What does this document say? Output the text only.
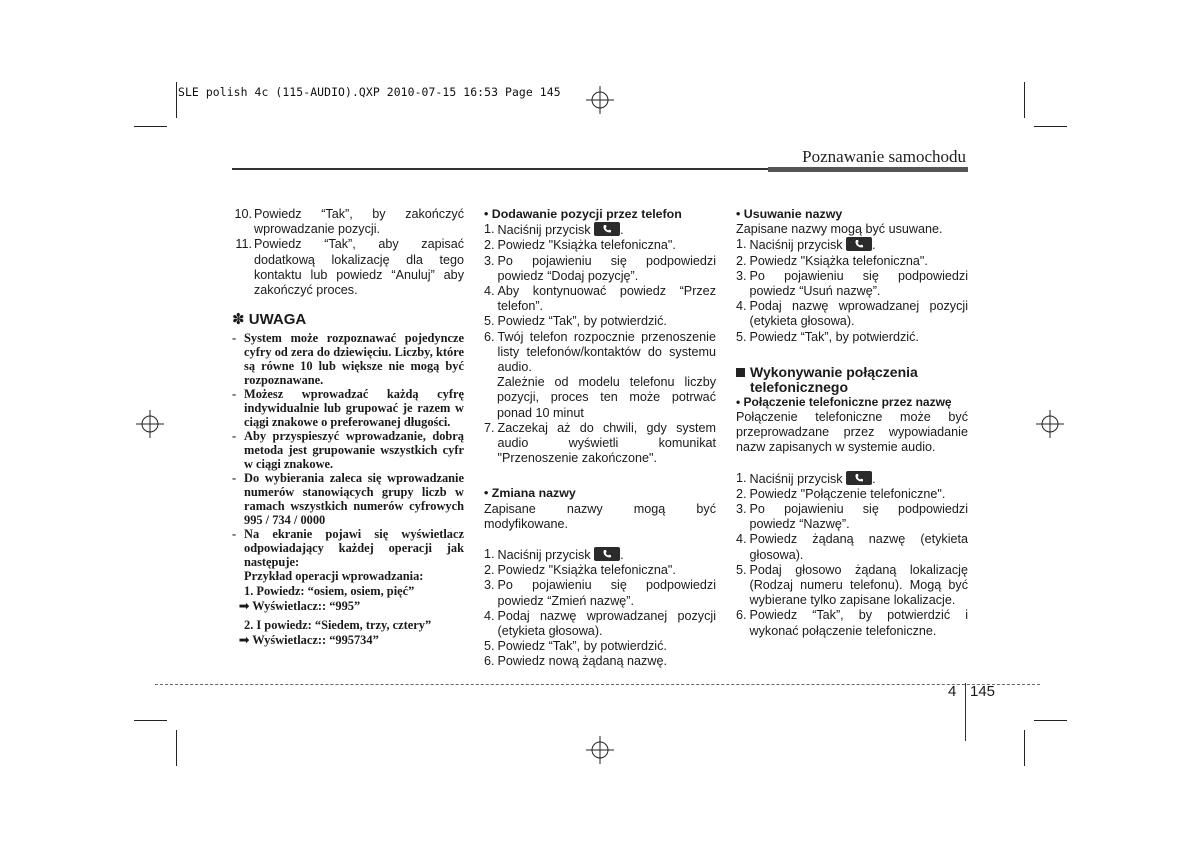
SLE polish 4c (115-AUDIO).QXP 2010-07-15 16:53 Page 145
Poznawanie samochodu
10. Powiedz “Tak”, by zakończyć wprowadzanie pozycji.
11. Powiedz “Tak”, aby zapisać dodatkową lokalizację dla tego kontaktu lub powiedz “Anuluj” aby zakończyć proces.
✽ UWAGA
- System może rozpoznawać pojedyncze cyfry od zera do dziewięciu. Liczby, które są równe 10 lub większe nie mogą być rozpoznawane.
- Możesz wprowadzać każdą cyfrę indywidualnie lub grupować je razem w ciągi znakowe o preferowanej długości.
- Aby przyspieszyć wprowadzanie, dobrą metoda jest grupowanie wszystkich cyfr w ciągi znakowe.
- Do wybierania zaleca się wprowadzanie numerów stanowiących grupy liczb w ramach wszystkich numerów cyfrowych 995 / 734 / 0000
- Na ekranie pojawi się wyświetlacz odpowiadający każdej operacji jak następuje:
Przykład operacji wprowadzania:
1. Powiedz: “osiem, osiem, pięć”
➟ Wyświetlacz:: “995”
2. I powiedz: “Siedem, trzy, cztery”
➟ Wyświetlacz:: “995734”
• Dodawanie pozycji przez telefon
1. Naciśnij przycisk .
2. Powiedz "Książka telefoniczna".
3. Po pojawieniu się podpowiedzi powiedz “Dodaj pozycję”.
4. Aby kontynuować powiedz “Przez telefon”.
5. Powiedz “Tak”, by potwierdzić.
6. Twój telefon rozpocznie przenoszenie listy telefonów/kontaktów do systemu audio.
Zależnie od modelu telefonu liczby pozycji, proces ten może potrwać ponad 10 minut
7. Zaczekaj aż do chwili, gdy system audio wyświetli komunikat "Przenoszenie zakończone".
• Zmiana nazwy
Zapisane nazwy mogą być modyfikowane.
1. Naciśnij przycisk .
2. Powiedz "Książka telefoniczna".
3. Po pojawieniu się podpowiedzi powiedz “Zmień nazwę”.
4. Podaj nazwę wprowadzanej pozycji (etykieta głosowa).
5. Powiedz “Tak”, by potwierdzić.
6. Powiedz nową żądaną nazwę.
• Usuwanie nazwy
Zapisane nazwy mogą być usuwane.
1. Naciśnij przycisk .
2. Powiedz "Książka telefoniczna".
3. Po pojawieniu się podpowiedzi powiedz “Usuń nazwę”.
4. Podaj nazwę wprowadzanej pozycji (etykieta głosowa).
5. Powiedz “Tak”, by potwierdzić.
Wykonywanie połączenia telefonicznego
• Połączenie telefoniczne przez nazwę
Połączenie telefoniczne może być przeprowadzane przez wypowiadanie nazw zapisanych w systemie audio.
1. Naciśnij przycisk .
2. Powiedz "Połączenie telefoniczne".
3. Po pojawieniu się podpowiedzi powiedz “Nazwę”.
4. Powiedz żądaną nazwę (etykieta głosowa).
5. Podaj głosowo żądaną lokalizację (Rodzaj numeru telefonu). Mogą być wybierane tylko zapisane lokalizacje.
6. Powiedz “Tak”, by potwierdzić i wykonać połączenie telefoniczne.
4 145
